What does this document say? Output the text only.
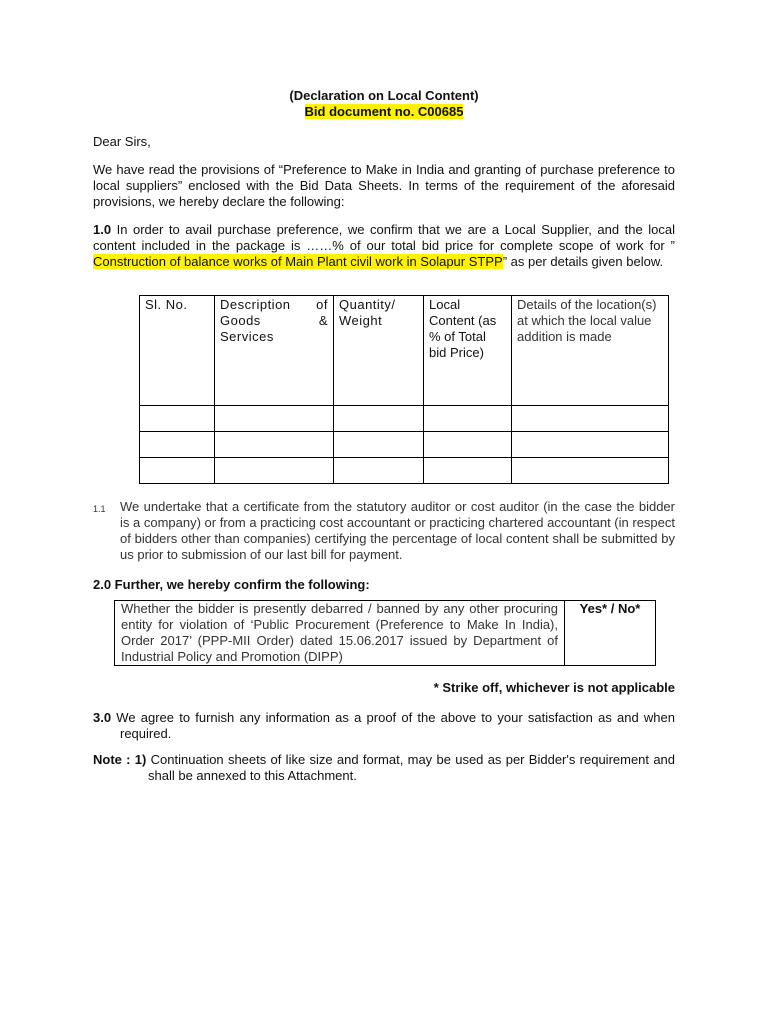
(Declaration on Local Content)
Bid document no. C00685

Dear Sirs,

We have read the provisions of “Preference to Make in India and granting of purchase preference to local suppliers” enclosed with the Bid Data Sheets. In terms of the requirement of the aforesaid provisions, we hereby declare the following:

1.0 In order to avail purchase preference, we confirm that we are a Local Supplier, and the local content included in the package is ……% of our total bid price for complete scope of work for ” Construction of balance works of Main Plant civil work in Solapur STPP” as per details given below.

Sl. No.	Description of Goods & Services	Quantity/ Weight	Local Content (as % of Total bid Price)	Details of the location(s) at which the local value addition is made

1.1 We undertake that a certificate from the statutory auditor or cost auditor (in the case the bidder is a company) or from a practicing cost accountant or practicing chartered accountant (in respect of bidders other than companies) certifying the percentage of local content shall be submitted by us prior to submission of our last bill for payment.

2.0 Further, we hereby confirm the following:

Whether the bidder is presently debarred / banned by any other procuring entity for violation of ‘Public Procurement (Preference to Make In India), Order 2017’ (PPP-MII Order) dated 15.06.2017 issued by Department of Industrial Policy and Promotion (DIPP)	Yes* / No*

* Strike off, whichever is not applicable

3.0 We agree to furnish any information as a proof of the above to your satisfaction as and when required.

Note : 1) Continuation sheets of like size and format, may be used as per Bidder's requirement and shall be annexed to this Attachment.
